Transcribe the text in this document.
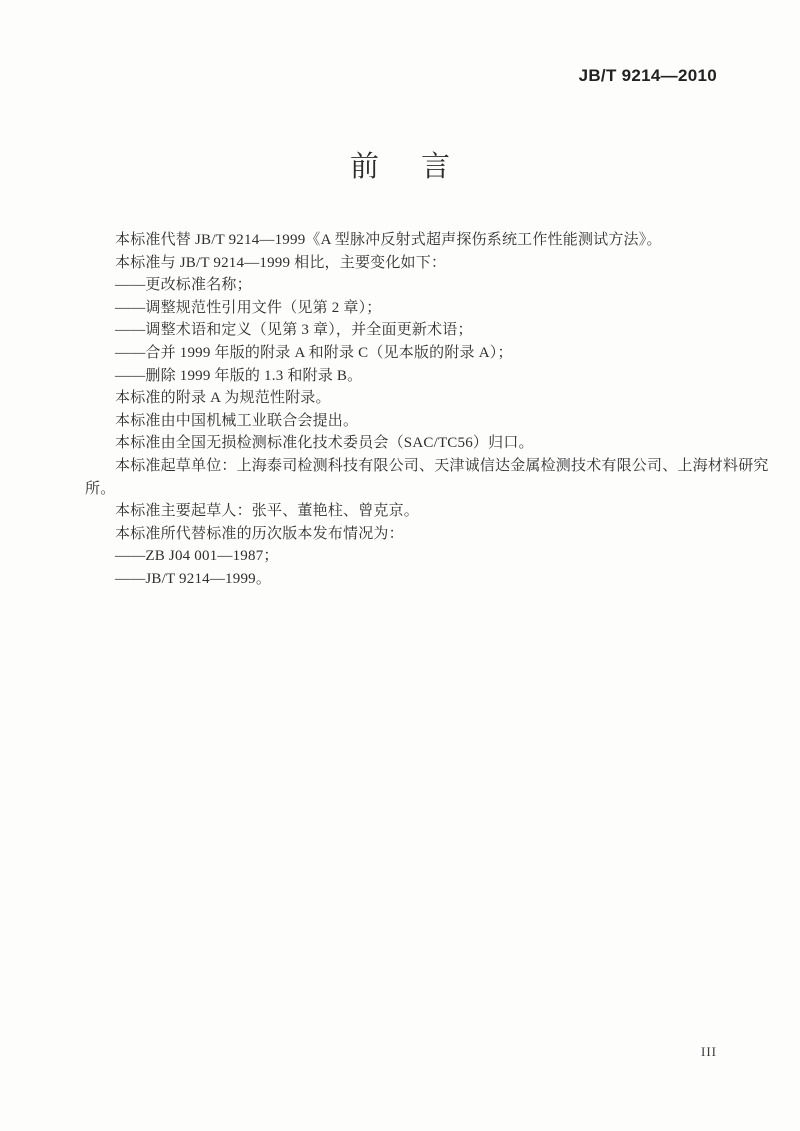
JB/T 9214—2010
前 言
本标准代替 JB/T 9214—1999《A 型脉冲反射式超声探伤系统工作性能测试方法》。
本标准与 JB/T 9214—1999 相比，主要变化如下：
——更改标准名称；
——调整规范性引用文件（见第 2 章）；
——调整术语和定义（见第 3 章），并全面更新术语；
——合并 1999 年版的附录 A 和附录 C（见本版的附录 A）；
——删除 1999 年版的 1.3 和附录 B。
本标准的附录 A 为规范性附录。
本标准由中国机械工业联合会提出。
本标准由全国无损检测标准化技术委员会（SAC/TC56）归口。
本标准起草单位：上海泰司检测科技有限公司、天津诚信达金属检测技术有限公司、上海材料研究
所。
本标准主要起草人：张平、董艳柱、曾克京。
本标准所代替标准的历次版本发布情况为：
——ZB J04 001—1987；
——JB/T 9214—1999。
III
